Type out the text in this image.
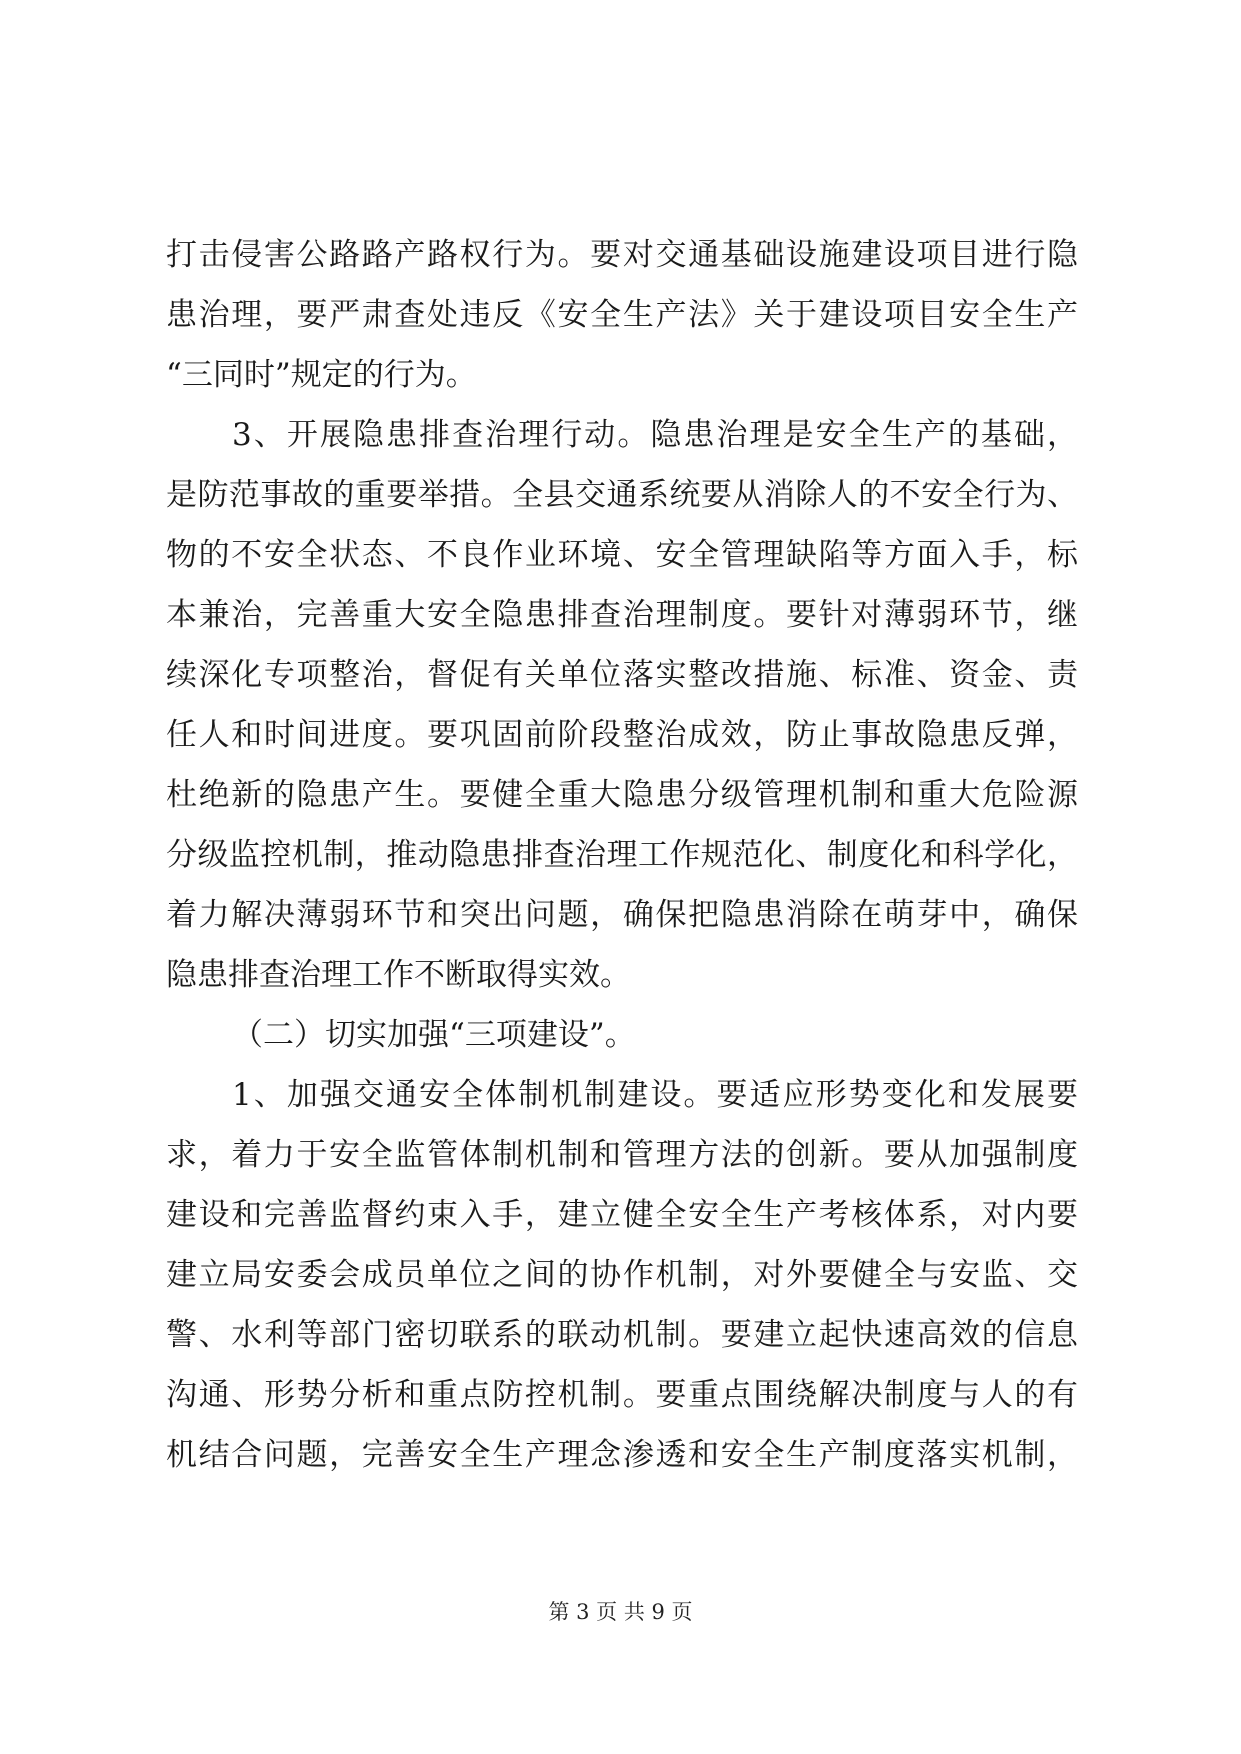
打击侵害公路路产路权行为。要对交通基础设施建设项目进行隐
患治理，要严肃查处违反《安全生产法》关于建设项目安全生产
“三同时”规定的行为。
3、开展隐患排查治理行动。隐患治理是安全生产的基础，
是防范事故的重要举措。全县交通系统要从消除人的不安全行为、
物的不安全状态、不良作业环境、安全管理缺陷等方面入手，标
本兼治，完善重大安全隐患排查治理制度。要针对薄弱环节，继
续深化专项整治，督促有关单位落实整改措施、标准、资金、责
任人和时间进度。要巩固前阶段整治成效，防止事故隐患反弹，
杜绝新的隐患产生。要健全重大隐患分级管理机制和重大危险源
分级监控机制，推动隐患排查治理工作规范化、制度化和科学化，
着力解决薄弱环节和突出问题，确保把隐患消除在萌芽中，确保
隐患排查治理工作不断取得实效。
（二）切实加强“三项建设”。
1、加强交通安全体制机制建设。要适应形势变化和发展要
求，着力于安全监管体制机制和管理方法的创新。要从加强制度
建设和完善监督约束入手，建立健全安全生产考核体系，对内要
建立局安委会成员单位之间的协作机制，对外要健全与安监、交
警、水利等部门密切联系的联动机制。要建立起快速高效的信息
沟通、形势分析和重点防控机制。要重点围绕解决制度与人的有
机结合问题，完善安全生产理念渗透和安全生产制度落实机制，
第 3 页 共 9 页
